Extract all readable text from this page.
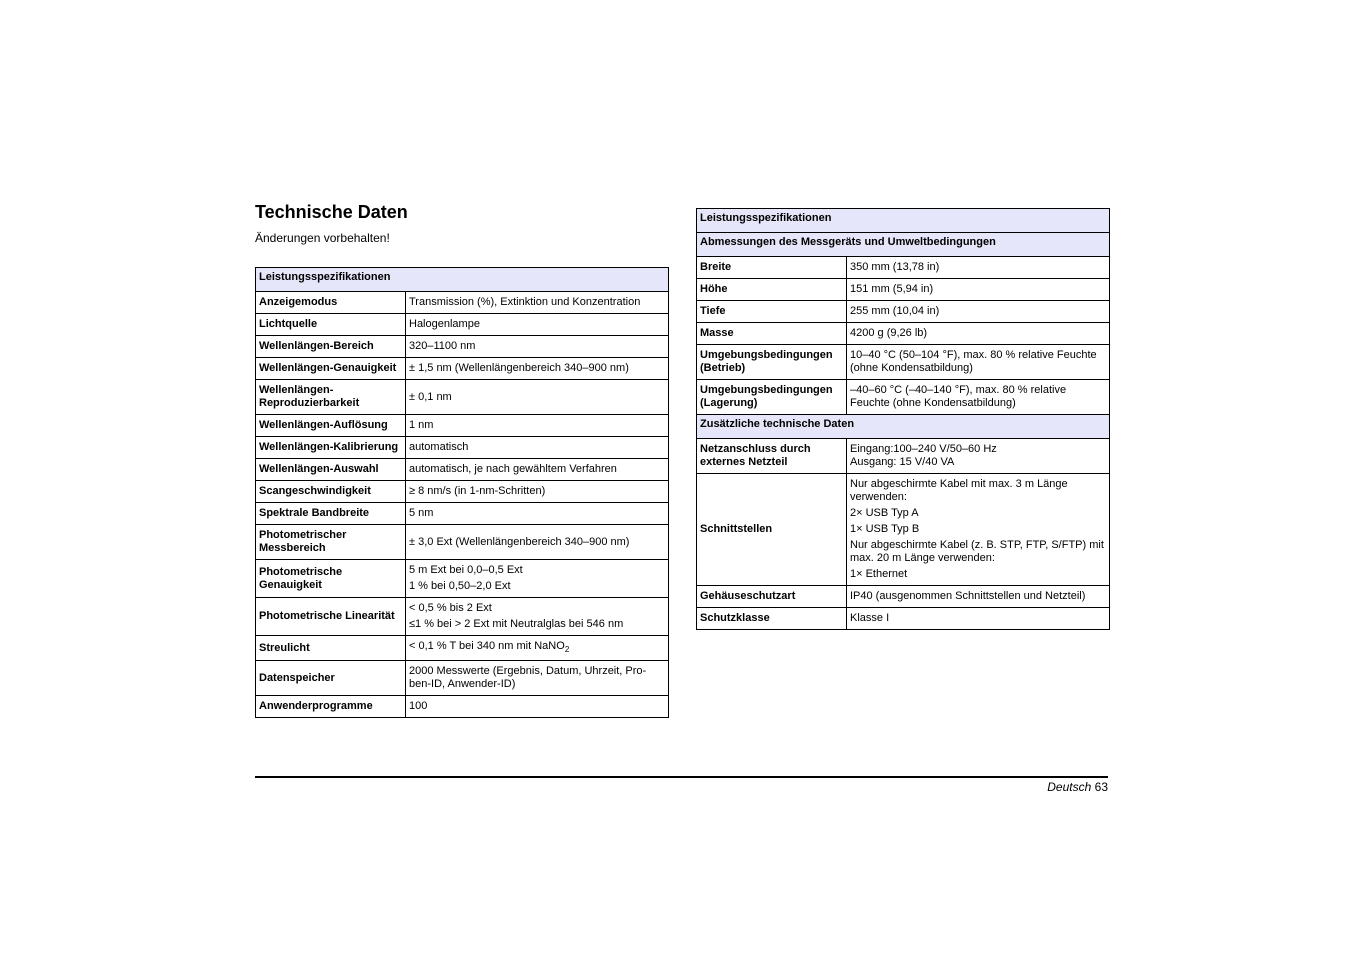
Technische Daten

Änderungen vorbehalten!

Leistungsspezifikationen	
Anzeigemodus	Transmission (%), Extinktion und Konzentration

Lichtquelle	Halogenlampe

Wellenlängen-Bereich	320–1100 nm

Wellenlängen-Genauigkeit	± 1,5 nm (Wellenlängenbereich 340–900 nm)

Wellenlängen-Reproduzierbarkeit	± 0,1 nm

Wellenlängen-Auflösung	1 nm

Wellenlängen-Kalibrierung	automatisch

Wellenlängen-Auswahl	automatisch, je nach gewähltem Verfahren

Scangeschwindigkeit	≥ 8 nm/s (in 1-nm-Schritten)

Spektrale Bandbreite	5 nm

Photometrischer Messbereich	± 3,0 Ext (Wellenlängenbereich 340–900 nm)

Photometrische Genauigkeit	5 m Ext bei 0,0–0,5 Ext
1 % bei 0,50–2,0 Ext

Photometrische Linearität	< 0,5 % bis 2 Ext
≤1 % bei > 2 Ext mit Neutralglas bei 546 nm

Streulicht	< 0,1 % T bei 340 nm mit NaNO$_2$

Datenspeicher	2000 Messwerte (Ergebnis, Datum, Uhrzeit, Pro-ben-ID, Anwender-ID)

Anwenderprogramme	100
Leistungsspezifikationen	
Abmessungen des Messgeräts und Umweltbedingungen	
Breite	350 mm (13,78 in)

Höhe	151 mm (5,94 in)

Tiefe	255 mm (10,04 in)

Masse	4200 g (9,26 lb)

Umgebungsbedingungen (Betrieb)	10–40 °C (50–104 °F), max. 80 % relative Feuchte (ohne Kondensatbildung)

Umgebungsbedingungen (Lagerung)	–40–60 °C (–40–140 °F), max. 80 % relative Feuchte (ohne Kondensatbildung)

Zusätzliche technische Daten	
Netzanschluss durch externes Netzteil	Eingang:100–240 V/50–60 Hz
Ausgang: 15 V/40 VA

Schnittstellen	Nur abgeschirmte Kabel mit max. 3 m Länge verwenden:
2× USB Typ A
1× USB Typ B
Nur abgeschirmte Kabel (z. B. STP, FTP, S/FTP) mit max. 20 m Länge verwenden:
1× Ethernet

Gehäuseschutzart	IP40 (ausgenommen Schnittstellen und Netzteil)

Schutzklasse	Klasse I
Deutsch 63
